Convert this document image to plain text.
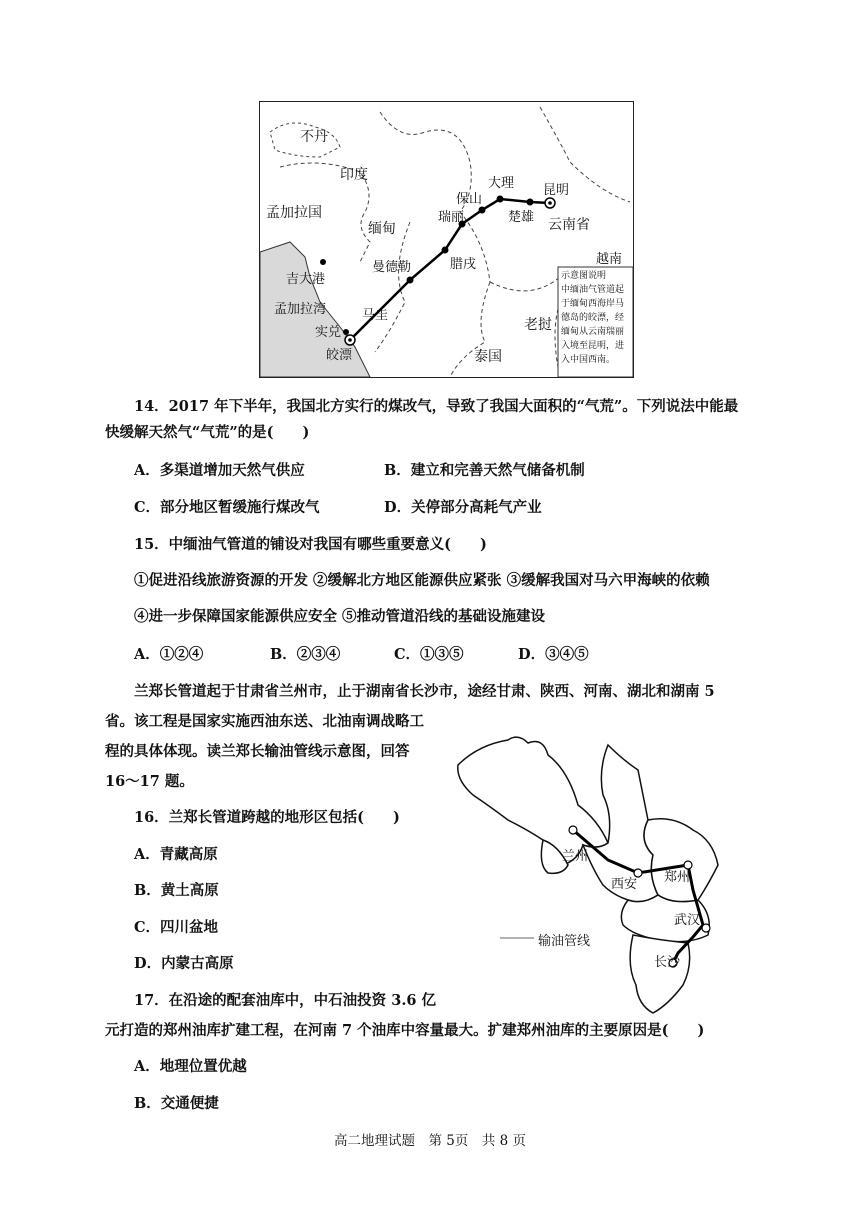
不丹
印度
孟加拉国
缅甸
保山
大理 昆明
瑞丽	楚雄 云南省
越南
曼德勒	腊戌
吉大港
孟加拉湾	马圭
实兑
皎漂
老挝
泰国
示意图说明
中缅油气管道起
于缅甸西海岸马
德岛的皎漂，经
缅甸从云南瑞丽
入境至昆明，进
入中国西南。
14．2017 年下半年，我国北方实行的煤改气，导致了我国大面积的“气荒”。下列说法中能最
快缓解天然气“气荒”的是(　　)
A．多渠道增加天然气供应	B．建立和完善天然气储备机制
C．部分地区暂缓施行煤改气	D．关停部分高耗气产业
15．中缅油气管道的铺设对我国有哪些重要意义(　　)
①促进沿线旅游资源的开发 ②缓解北方地区能源供应紧张 ③缓解我国对马六甲海峡的依赖
④进一步保障国家能源供应安全 ⑤推动管道沿线的基础设施建设
A．①②④	B．②③④	C．①③⑤	D．③④⑤
兰郑长管道起于甘肃省兰州市，止于湖南省长沙市，途经甘肃、陕西、河南、湖北和湖南 5
省。该工程是国家实施西油东送、北油南调战略工
程的具体体现。读兰郑长输油管线示意图，回答
16～17 题。
兰州
西安 郑州
武汉
长沙
输油管线
16．兰郑长管道跨越的地形区包括(　　)
A．青藏高原
B．黄土高原
C．四川盆地
D．内蒙古高原
17．在沿途的配套油库中，中石油投资 3.6 亿
元打造的郑州油库扩建工程，在河南 7 个油库中容量最大。扩建郑州油库的主要原因是(　　)
A．地理位置优越
B．交通便捷
高二地理试题　第 5页　共 8 页
